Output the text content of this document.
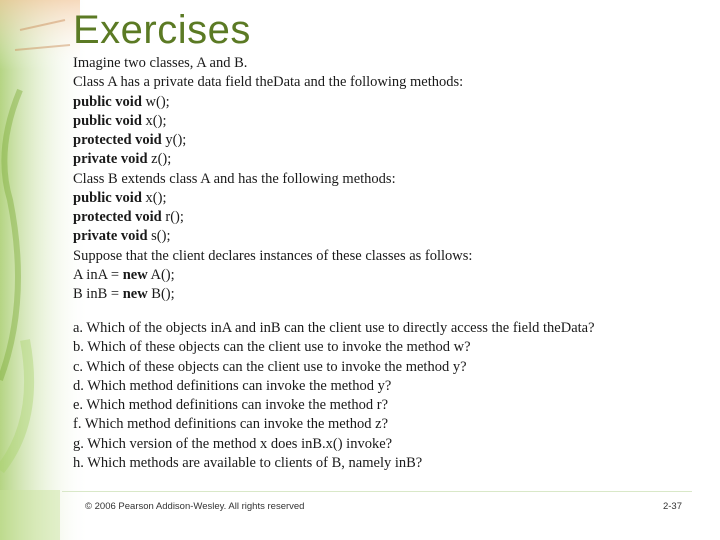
Exercises
Imagine two classes, A and B.
Class A has a private data field theData and the following methods:
public void w();
public void x();
protected void y();
private void z();
Class B extends class A and has the following methods:
public void x();
protected void r();
private void s();
Suppose that the client declares instances of these classes as follows:
A inA = new A();
B inB = new B();
a. Which of the objects inA and inB can the client use to directly access the field theData?
b. Which of these objects can the client use to invoke the method w?
c. Which of these objects can the client use to invoke the method y?
d. Which method definitions can invoke the method y?
e. Which method definitions can invoke the method r?
f. Which method definitions can invoke the method z?
g. Which version of the method x does inB.x() invoke?
h. Which methods are available to clients of B, namely inB?
© 2006 Pearson Addison-Wesley. All rights reserved	2-37
